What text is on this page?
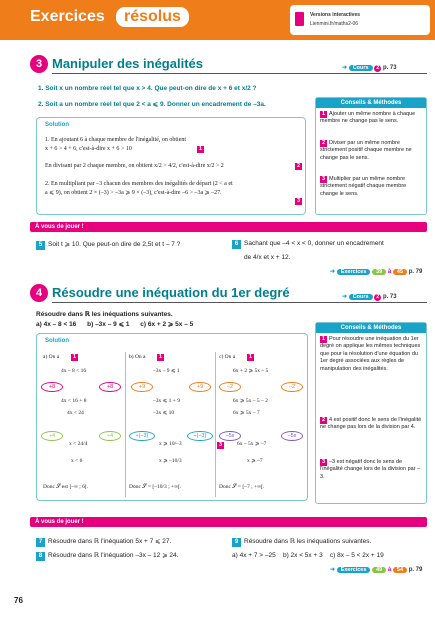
Exercices	résolus	Versions interactives
Lienmini.fr/maths2-06
3 Manipuler des inégalités	➜ Cours 2 p. 73
1. Soit x un nombre réel tel que x > 4. Que peut-on dire de x + 6 et x/2 ?
2. Soit a un nombre réel tel que 2 < a ⩽ 9. Donner un encadrement de –3a.
Solution
1. En ajoutant 6 à chaque membre de l'inégalité, on obtient
x + 6 > 4 + 6, c'est-à-dire x + 6 > 10	1
En divisant par 2 chaque membre, on obtient x/2 > 4/2, c'est-à-dire x/2 > 2	2
2. En multipliant par –3 chacun des membres des inégalités de départ (2 < a et
a ⩽ 9), on obtient 2 × (–3) > –3a ⩾ 9 × (–3), c'est-à-dire –6 > –3a ⩾ –27.
3
Conseils & Méthodes
1 Ajouter un même nombre à chaque membre ne change pas le sens.
2 Diviser par un même nombre strictement positif chaque membre ne change pas le sens.
3 Multiplier par un même nombre strictement négatif chaque membre change le sens.
À vous de jouer !
5 Soit t ⩾ 10. Que peut-on dire de 2,5t et t – 7 ?	6 Sachant que –4 < x < 0, donner un encadrement
de 4/x et x + 12.
➜ Exercices 39 à 45 p. 79
4 Résoudre une inéquation du 1er degré	➜ Cours 2 p. 73
Résoudre dans ℝ les inéquations suivantes.
a) 4x – 8 < 16      b) –3x – 9 ⩽ 1      c) 6x + 2 ⩾ 5x – 5
Solution
a) On a	1
4x – 8 < 16
+8	+8
4x < 16 + 8
4x < 24
÷4	÷4
x < 24/4
x < 6
Donc 𝒮 est ]–∞ ; 6[.
b) On a	1
–3x – 9 ⩽ 1
+9	+9
–3x ⩽ 1 + 9
–3x ⩽ 10
÷(–3)	÷(–3)
3
x ⩾ 10/–3
x ⩾ –10/3
Donc 𝒮 = [–10/3 ; +∞[.
c) On a	1
6x + 2 ⩾ 5x – 5
–2	–2
6x ⩾ 5x – 5 – 2
6x ⩾ 5x – 7
–5x	–5x
6x – 5x ⩾ –7
x ⩾ –7
Donc 𝒮 = [–7 ; +∞[.
Conseils & Méthodes
1 Pour résoudre une inéquation du 1er degré on applique les mêmes techniques que pour la résolution d'une équation du 1er degré associées aux règles de manipulation des inégalités.
2 4 est positif donc le sens de l'inégalité ne change pas lors de la division par 4.
3 –3 est négatif donc le sens de l'inégalité change lors de la division par –3.
À vous de jouer !
7 Résoudre dans ℝ l'inéquation 5x + 7 ⩽ 27.
8 Résoudre dans ℝ l'inéquation –3x – 12 ⩾ 24.
9 Résoudre dans ℝ les inéquations suivantes.
a) 4x + 7 > –25    b) 2x < 5x + 3    c) 8x – 5 < 2x + 19
➜ Exercices 49 à 54 p. 79
76
